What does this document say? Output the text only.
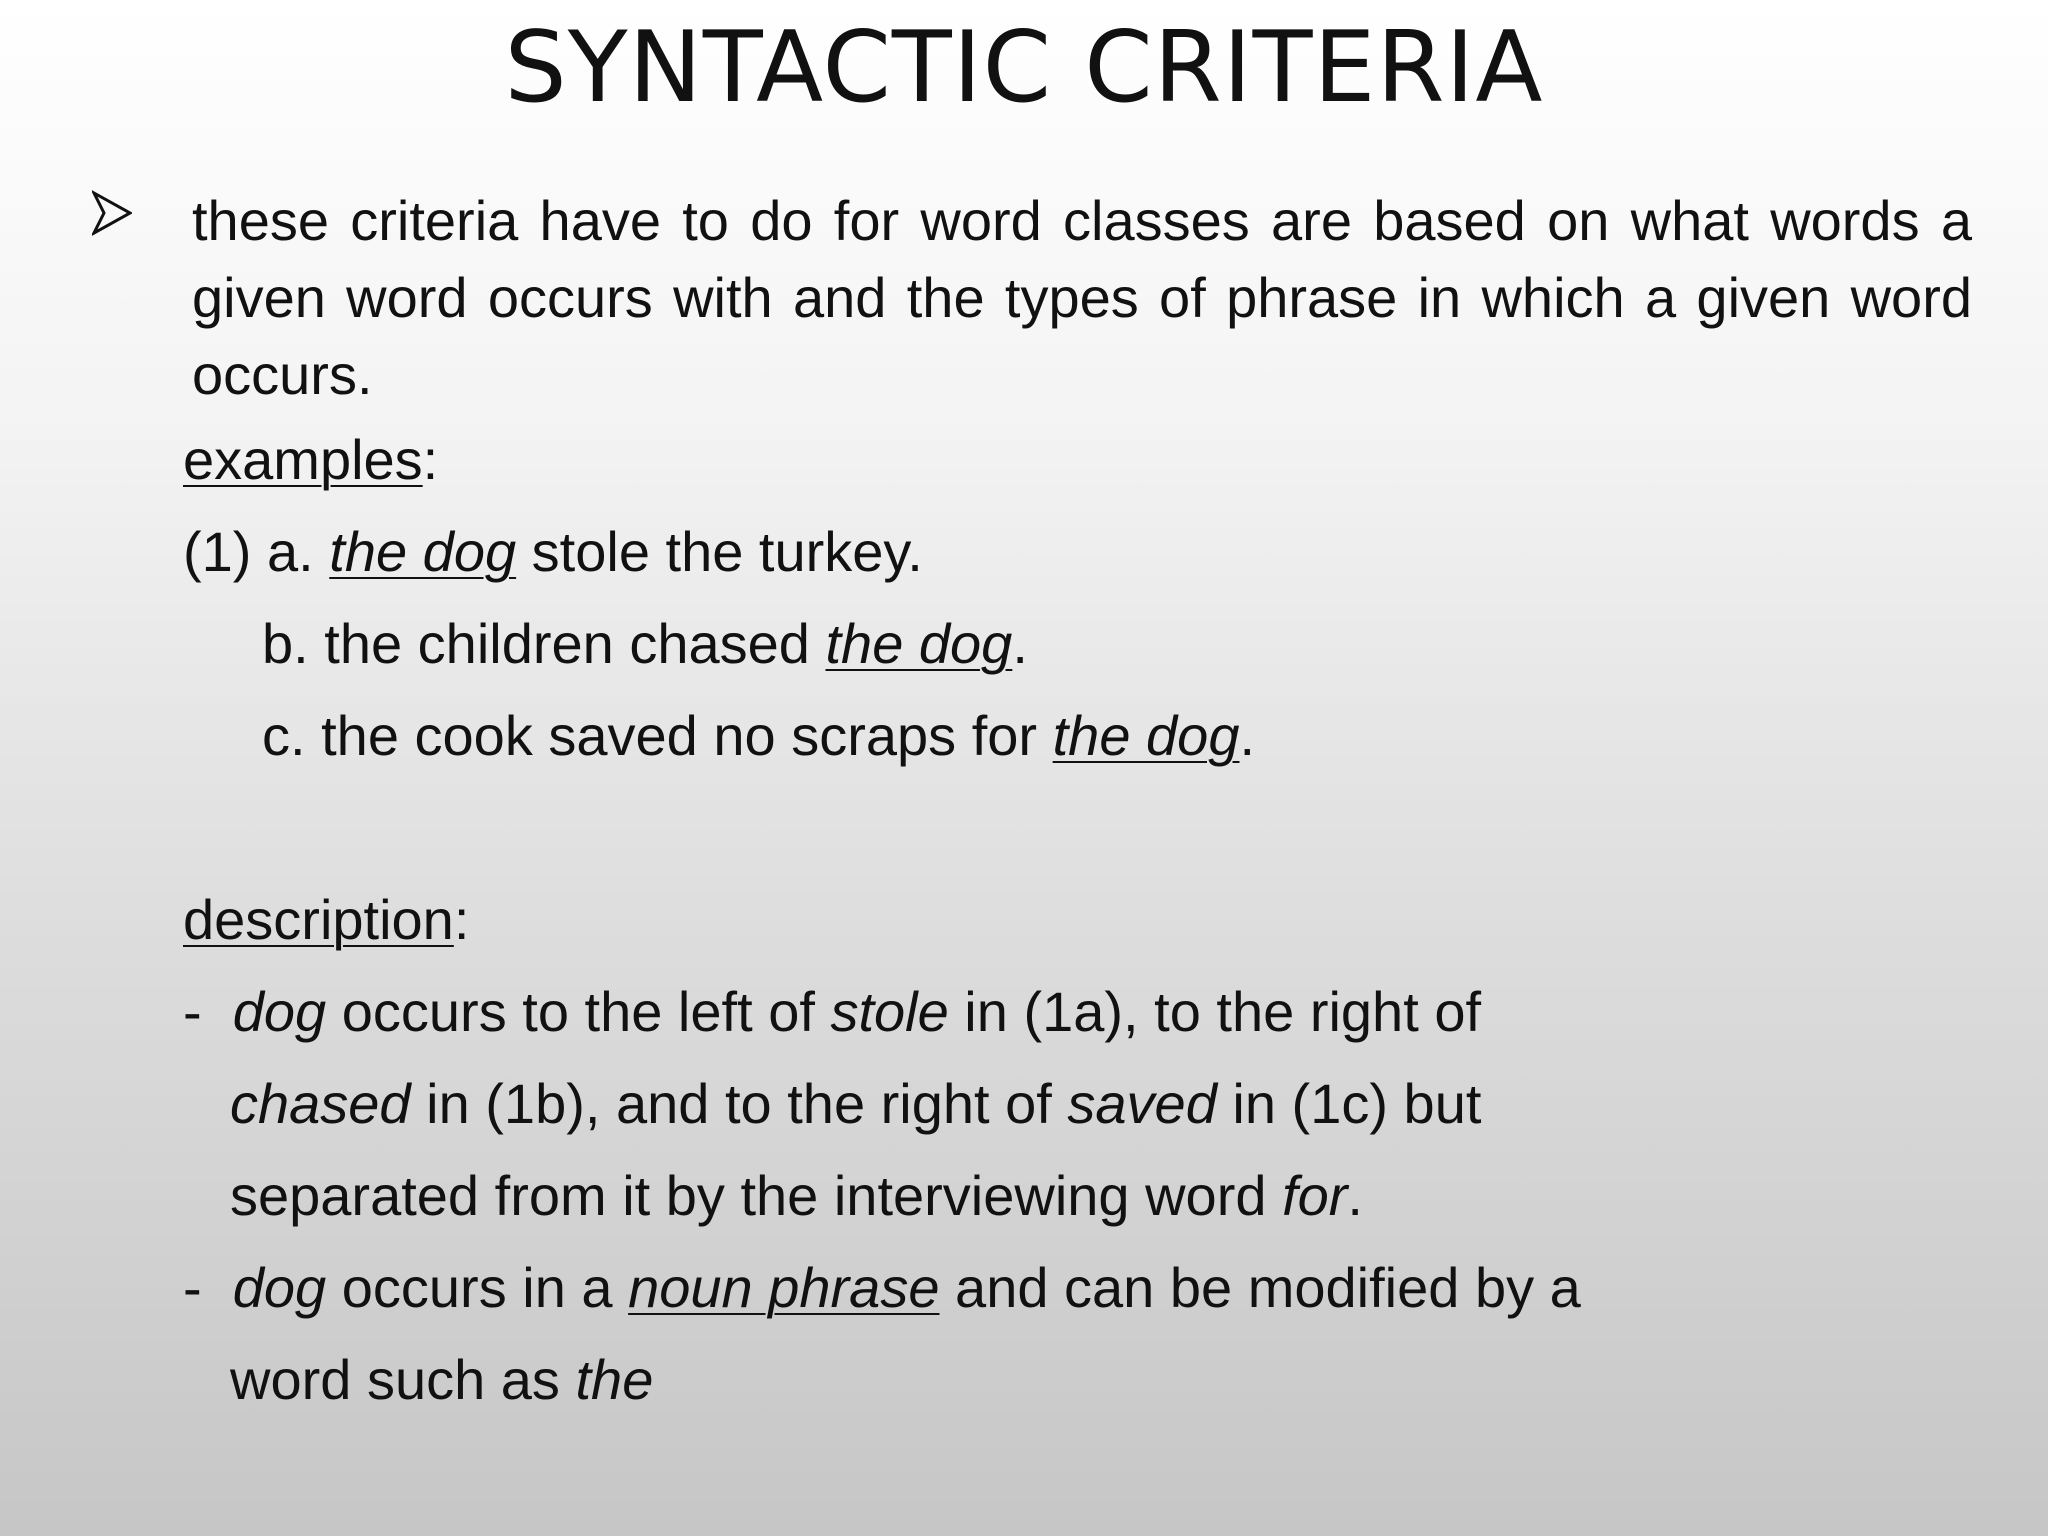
SYNTACTIC CRITERIA
these criteria have to do for word classes are based on what words a given word occurs with and the types of phrase in which a given word occurs.
examples:
(1) a. the dog stole the turkey.
b. the children chased the dog.
c. the cook saved no scraps for the dog.
description:
-  dog occurs to the left of stole in (1a), to the right of
chased in (1b), and to the right of saved in (1c) but
separated from it by the interviewing word for.
-  dog occurs in a noun phrase and can be modified by a
word such as the
